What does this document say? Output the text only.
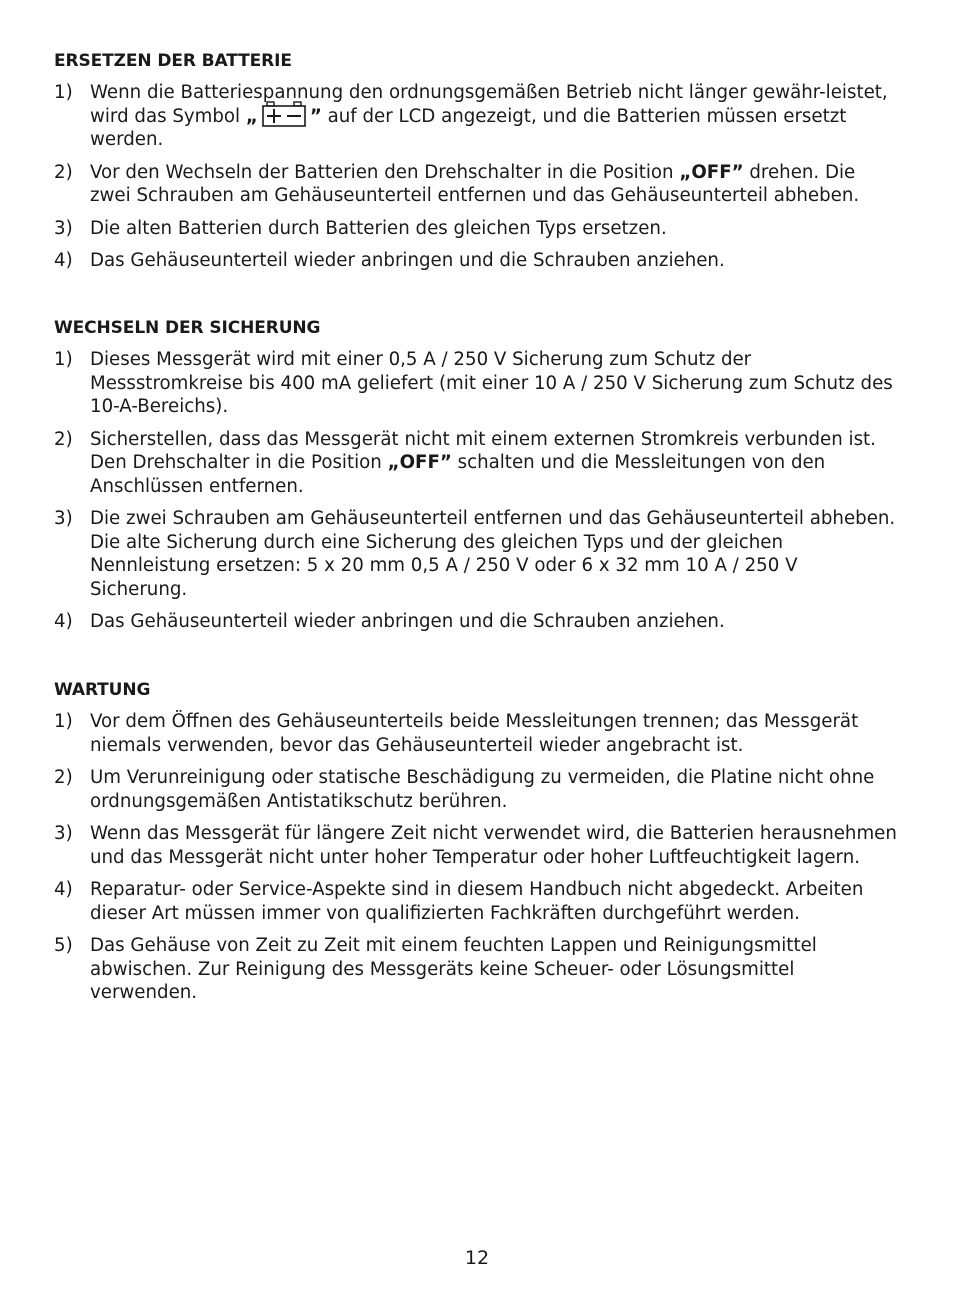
ERSETZEN DER BATTERIE
1) Wenn die Batteriespannung den ordnungsgemäßen Betrieb nicht länger gewähr-leistet, wird das Symbol „	” auf der LCD angezeigt, und die Batterien müssen ersetzt werden.
2) Vor den Wechseln der Batterien den Drehschalter in die Position „OFF” drehen. Die zwei Schrauben am Gehäuseunterteil entfernen und das Gehäuseunterteil abheben.
3) Die alten Batterien durch Batterien des gleichen Typs ersetzen.
4) Das Gehäuseunterteil wieder anbringen und die Schrauben anziehen.
WECHSELN DER SICHERUNG
1) Dieses Messgerät wird mit einer 0,5 A / 250 V Sicherung zum Schutz der Messstromkreise bis 400 mA geliefert (mit einer 10 A / 250 V Sicherung zum Schutz des 10-A-Bereichs).
2) Sicherstellen, dass das Messgerät nicht mit einem externen Stromkreis verbunden ist. Den Drehschalter in die Position „OFF” schalten und die Messleitungen von den Anschlüssen entfernen.
3) Die zwei Schrauben am Gehäuseunterteil entfernen und das Gehäuseunterteil abheben. Die alte Sicherung durch eine Sicherung des gleichen Typs und der gleichen Nennleistung ersetzen: 5 x 20 mm 0,5 A / 250 V oder 6 x 32 mm 10 A / 250 V Sicherung.
4) Das Gehäuseunterteil wieder anbringen und die Schrauben anziehen.
WARTUNG
1) Vor dem Öffnen des Gehäuseunterteils beide Messleitungen trennen; das Messgerät niemals verwenden, bevor das Gehäuseunterteil wieder angebracht ist.
2) Um Verunreinigung oder statische Beschädigung zu vermeiden, die Platine nicht ohne ordnungsgemäßen Antistatikschutz berühren.
3) Wenn das Messgerät für längere Zeit nicht verwendet wird, die Batterien herausnehmen und das Messgerät nicht unter hoher Temperatur oder hoher Luftfeuchtigkeit lagern.
4) Reparatur- oder Service-Aspekte sind in diesem Handbuch nicht abgedeckt. Arbeiten dieser Art müssen immer von qualifizierten Fachkräften durchgeführt werden.
5) Das Gehäuse von Zeit zu Zeit mit einem feuchten Lappen und Reinigungsmittel abwischen. Zur Reinigung des Messgeräts keine Scheuer- oder Lösungsmittel verwenden.
12
